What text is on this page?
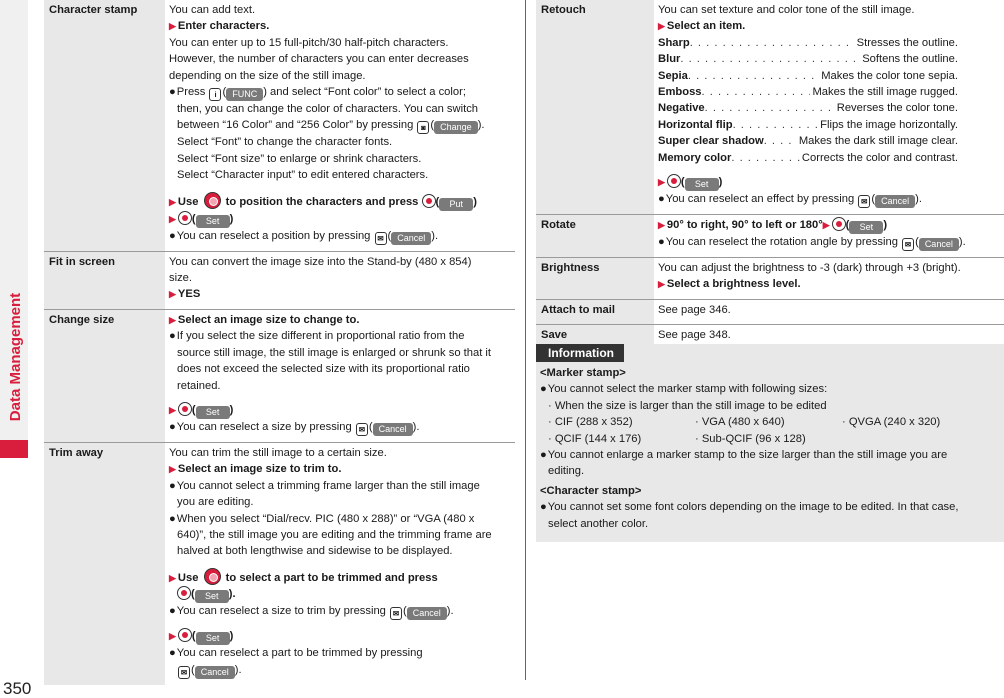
Data Management
350
Character stamp	You can add text.
▶ Enter characters.
You can enter up to 15 full-pitch/30 half-pitch characters.
However, the number of characters you can enter decreases
depending on the size of the still image.
●Press i ( FUNC ) and select “Font color” to select a color;
then, you can change the color of characters. You can switch
between “16 Color” and “256 Color” by pressing ◙ ( Change ).
Select “Font” to change the character fonts.
Select “Font size” to enlarge or shrink characters.
Select “Character input” to edit entered characters.
▶ Use  to position the characters and press ( Put )
▶ ( Set )
●You can reselect a position by pressing ✉ ( Cancel ).
Fit in screen	You can convert the image size into the Stand-by (480 x 854)
size.
▶ YES
Change size	▶ Select an image size to change to.
●If you select the size different in proportional ratio from the
source still image, the still image is enlarged or shrunk so that it
does not exceed the selected size with its proportional ratio
retained.
▶ ( Set )
●You can reselect a size by pressing ✉ ( Cancel ).
Trim away	You can trim the still image to a certain size.
▶ Select an image size to trim to.
●You cannot select a trimming frame larger than the still image
you are editing.
●When you select “Dial/recv. PIC (480 x 288)” or “VGA (480 x
640)”, the still image you are editing and the trimming frame are
halved at both lengthwise and sidewise to be displayed.
▶ Use  to select a part to be trimmed and press
( Set ).
●You can reselect a size to trim by pressing ✉ ( Cancel ).
▶ ( Set )
●You can reselect a part to be trimmed by pressing
✉ ( Cancel ).
Retouch	You can set texture and color tone of the still image.
▶ Select an item.
Sharp . . .	Stresses the outline.
Blur . . .	Softens the outline.
Sepia . . .	Makes the color tone sepia.
Emboss . . .	Makes the still image rugged.
Negative . . .	Reverses the color tone.
Horizontal flip . . .	Flips the image horizontally.
Super clear shadow . . .	Makes the dark still image clear.
Memory color . . .	Corrects the color and contrast.
▶ ( Set )
●You can reselect an effect by pressing ✉ ( Cancel ).
Rotate	▶ 90° to right, 90° to left or 180°▶ ( Set )
●You can reselect the rotation angle by pressing ✉ ( Cancel ).
Brightness	You can adjust the brightness to -3 (dark) through +3 (bright).
▶ Select a brightness level.
Attach to mail	See page 346.
Save	See page 348.
Information
<Marker stamp>
●You cannot select the marker stamp with following sizes:
· When the size is larger than the still image to be edited
· CIF (288 x 352)	· VGA (480 x 640)	· QVGA (240 x 320)
· QCIF (144 x 176)	· Sub-QCIF (96 x 128)
●You cannot enlarge a marker stamp to the size larger than the still image you are
editing.
<Character stamp>
●You cannot set some font colors depending on the image to be edited. In that case,
select another color.
